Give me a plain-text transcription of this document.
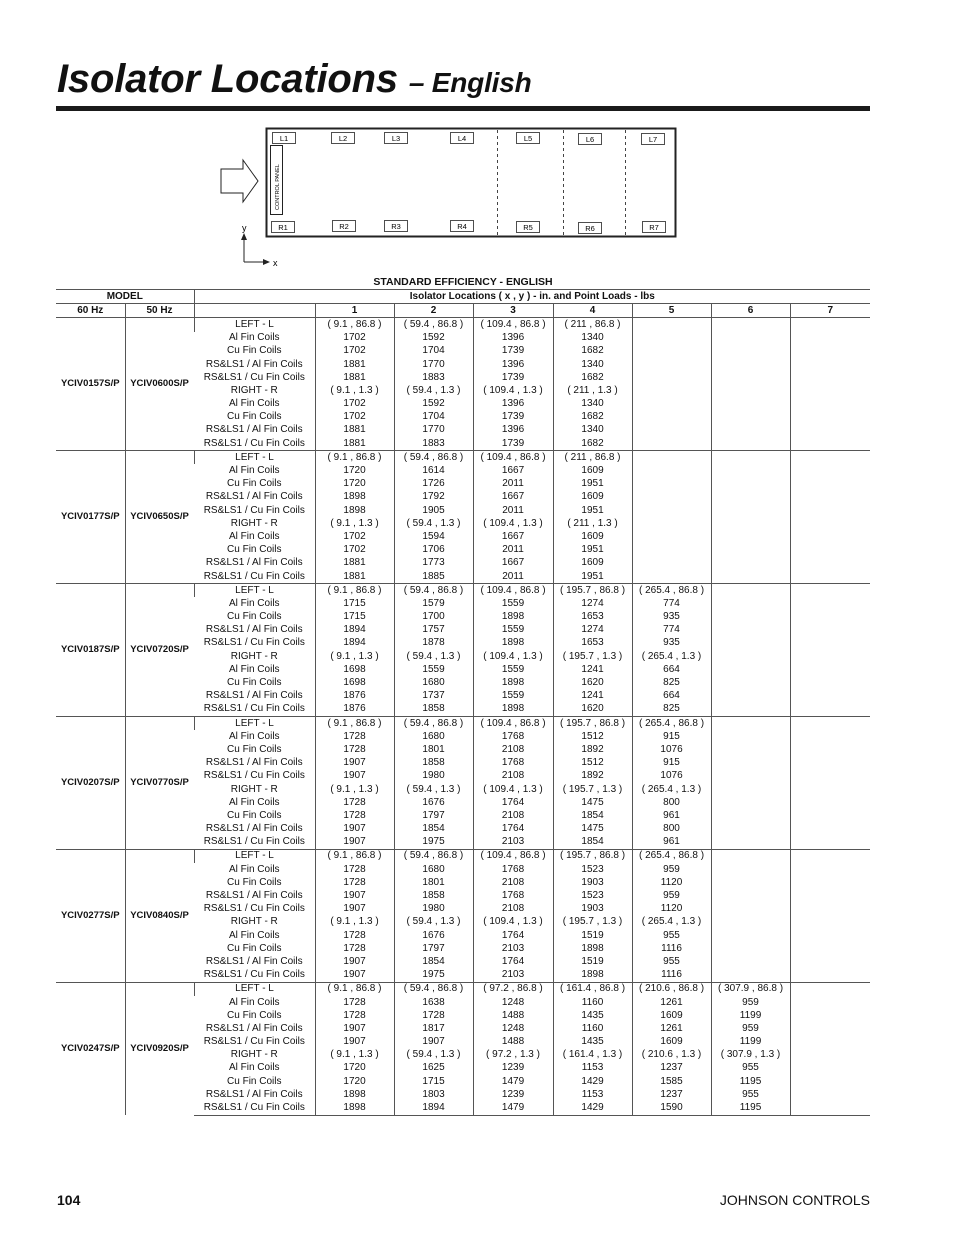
Isolator Locations – English
CONTROL PANEL
L1	L2	L3	L4	L5	L6	L7
R1	R2	R3	R4	R5	R6	R7
y
x
STANDARD EFFICIENCY - ENGLISH
MODEL		Isolator Locations ( x , y ) - in. and Point Loads - lbs							
60 Hz	50 Hz		1	2	3	4	5	6	7
YCIV0157S/P	YCIV0600S/P	LEFT - L	( 9.1 , 86.8 )	( 59.4 , 86.8 )	( 109.4 , 86.8 )	( 211 , 86.8 )			
		Al Fin Coils	1702	1592	1396	1340			
		Cu Fin Coils	1702	1704	1739	1682			
		RS&LS1 / Al Fin Coils	1881	1770	1396	1340			
		RS&LS1 / Cu Fin Coils	1881	1883	1739	1682			
		RIGHT - R	( 9.1 , 1.3 )	( 59.4 , 1.3 )	( 109.4 , 1.3 )	( 211 , 1.3 )			
		Al Fin Coils	1702	1592	1396	1340			
		Cu Fin Coils	1702	1704	1739	1682			
		RS&LS1 / Al Fin Coils	1881	1770	1396	1340			
		RS&LS1 / Cu Fin Coils	1881	1883	1739	1682			
YCIV0177S/P	YCIV0650S/P	LEFT - L	( 9.1 , 86.8 )	( 59.4 , 86.8 )	( 109.4 , 86.8 )	( 211 , 86.8 )			
		Al Fin Coils	1720	1614	1667	1609			
		Cu Fin Coils	1720	1726	2011	1951			
		RS&LS1 / Al Fin Coils	1898	1792	1667	1609			
		RS&LS1 / Cu Fin Coils	1898	1905	2011	1951			
		RIGHT - R	( 9.1 , 1.3 )	( 59.4 , 1.3 )	( 109.4 , 1.3 )	( 211 , 1.3 )			
		Al Fin Coils	1702	1594	1667	1609			
		Cu Fin Coils	1702	1706	2011	1951			
		RS&LS1 / Al Fin Coils	1881	1773	1667	1609			
		RS&LS1 / Cu Fin Coils	1881	1885	2011	1951			
YCIV0187S/P	YCIV0720S/P	LEFT - L	( 9.1 , 86.8 )	( 59.4 , 86.8 )	( 109.4 , 86.8 )	( 195.7 , 86.8 )	( 265.4 , 86.8 )		
		Al Fin Coils	1715	1579	1559	1274	774		
		Cu Fin Coils	1715	1700	1898	1653	935		
		RS&LS1 / Al Fin Coils	1894	1757	1559	1274	774		
		RS&LS1 / Cu Fin Coils	1894	1878	1898	1653	935		
		RIGHT - R	( 9.1 , 1.3 )	( 59.4 , 1.3 )	( 109.4 , 1.3 )	( 195.7 , 1.3 )	( 265.4 , 1.3 )		
		Al Fin Coils	1698	1559	1559	1241	664		
		Cu Fin Coils	1698	1680	1898	1620	825		
		RS&LS1 / Al Fin Coils	1876	1737	1559	1241	664		
		RS&LS1 / Cu Fin Coils	1876	1858	1898	1620	825		
YCIV0207S/P	YCIV0770S/P	LEFT - L	( 9.1 , 86.8 )	( 59.4 , 86.8 )	( 109.4 , 86.8 )	( 195.7 , 86.8 )	( 265.4 , 86.8 )		
		Al Fin Coils	1728	1680	1768	1512	915		
		Cu Fin Coils	1728	1801	2108	1892	1076		
		RS&LS1 / Al Fin Coils	1907	1858	1768	1512	915		
		RS&LS1 / Cu Fin Coils	1907	1980	2108	1892	1076		
		RIGHT - R	( 9.1 , 1.3 )	( 59.4 , 1.3 )	( 109.4 , 1.3 )	( 195.7 , 1.3 )	( 265.4 , 1.3 )		
		Al Fin Coils	1728	1676	1764	1475	800		
		Cu Fin Coils	1728	1797	2108	1854	961		
		RS&LS1 / Al Fin Coils	1907	1854	1764	1475	800		
		RS&LS1 / Cu Fin Coils	1907	1975	2103	1854	961		
YCIV0277S/P	YCIV0840S/P	LEFT - L	( 9.1 , 86.8 )	( 59.4 , 86.8 )	( 109.4 , 86.8 )	( 195.7 , 86.8 )	( 265.4 , 86.8 )		
		Al Fin Coils	1728	1680	1768	1523	959		
		Cu Fin Coils	1728	1801	2108	1903	1120		
		RS&LS1 / Al Fin Coils	1907	1858	1768	1523	959		
		RS&LS1 / Cu Fin Coils	1907	1980	2108	1903	1120		
		RIGHT - R	( 9.1 , 1.3 )	( 59.4 , 1.3 )	( 109.4 , 1.3 )	( 195.7 , 1.3 )	( 265.4 , 1.3 )		
		Al Fin Coils	1728	1676	1764	1519	955		
		Cu Fin Coils	1728	1797	2103	1898	1116		
		RS&LS1 / Al Fin Coils	1907	1854	1764	1519	955		
		RS&LS1 / Cu Fin Coils	1907	1975	2103	1898	1116		
YCIV0247S/P	YCIV0920S/P	LEFT - L	( 9.1 , 86.8 )	( 59.4 , 86.8 )	( 97.2 , 86.8 )	( 161.4 , 86.8 )	( 210.6 , 86.8 )	( 307.9 , 86.8 )	
		Al Fin Coils	1728	1638	1248	1160	1261	959	
		Cu Fin Coils	1728	1728	1488	1435	1609	1199	
		RS&LS1 / Al Fin Coils	1907	1817	1248	1160	1261	959	
		RS&LS1 / Cu Fin Coils	1907	1907	1488	1435	1609	1199	
		RIGHT - R	( 9.1 , 1.3 )	( 59.4 , 1.3 )	( 97.2 , 1.3 )	( 161.4 , 1.3 )	( 210.6 , 1.3 )	( 307.9 , 1.3 )	
		Al Fin Coils	1720	1625	1239	1153	1237	955	
		Cu Fin Coils	1720	1715	1479	1429	1585	1195	
		RS&LS1 / Al Fin Coils	1898	1803	1239	1153	1237	955	
		RS&LS1 / Cu Fin Coils	1898	1894	1479	1429	1590	1195	
104	JOHNSON CONTROLS
